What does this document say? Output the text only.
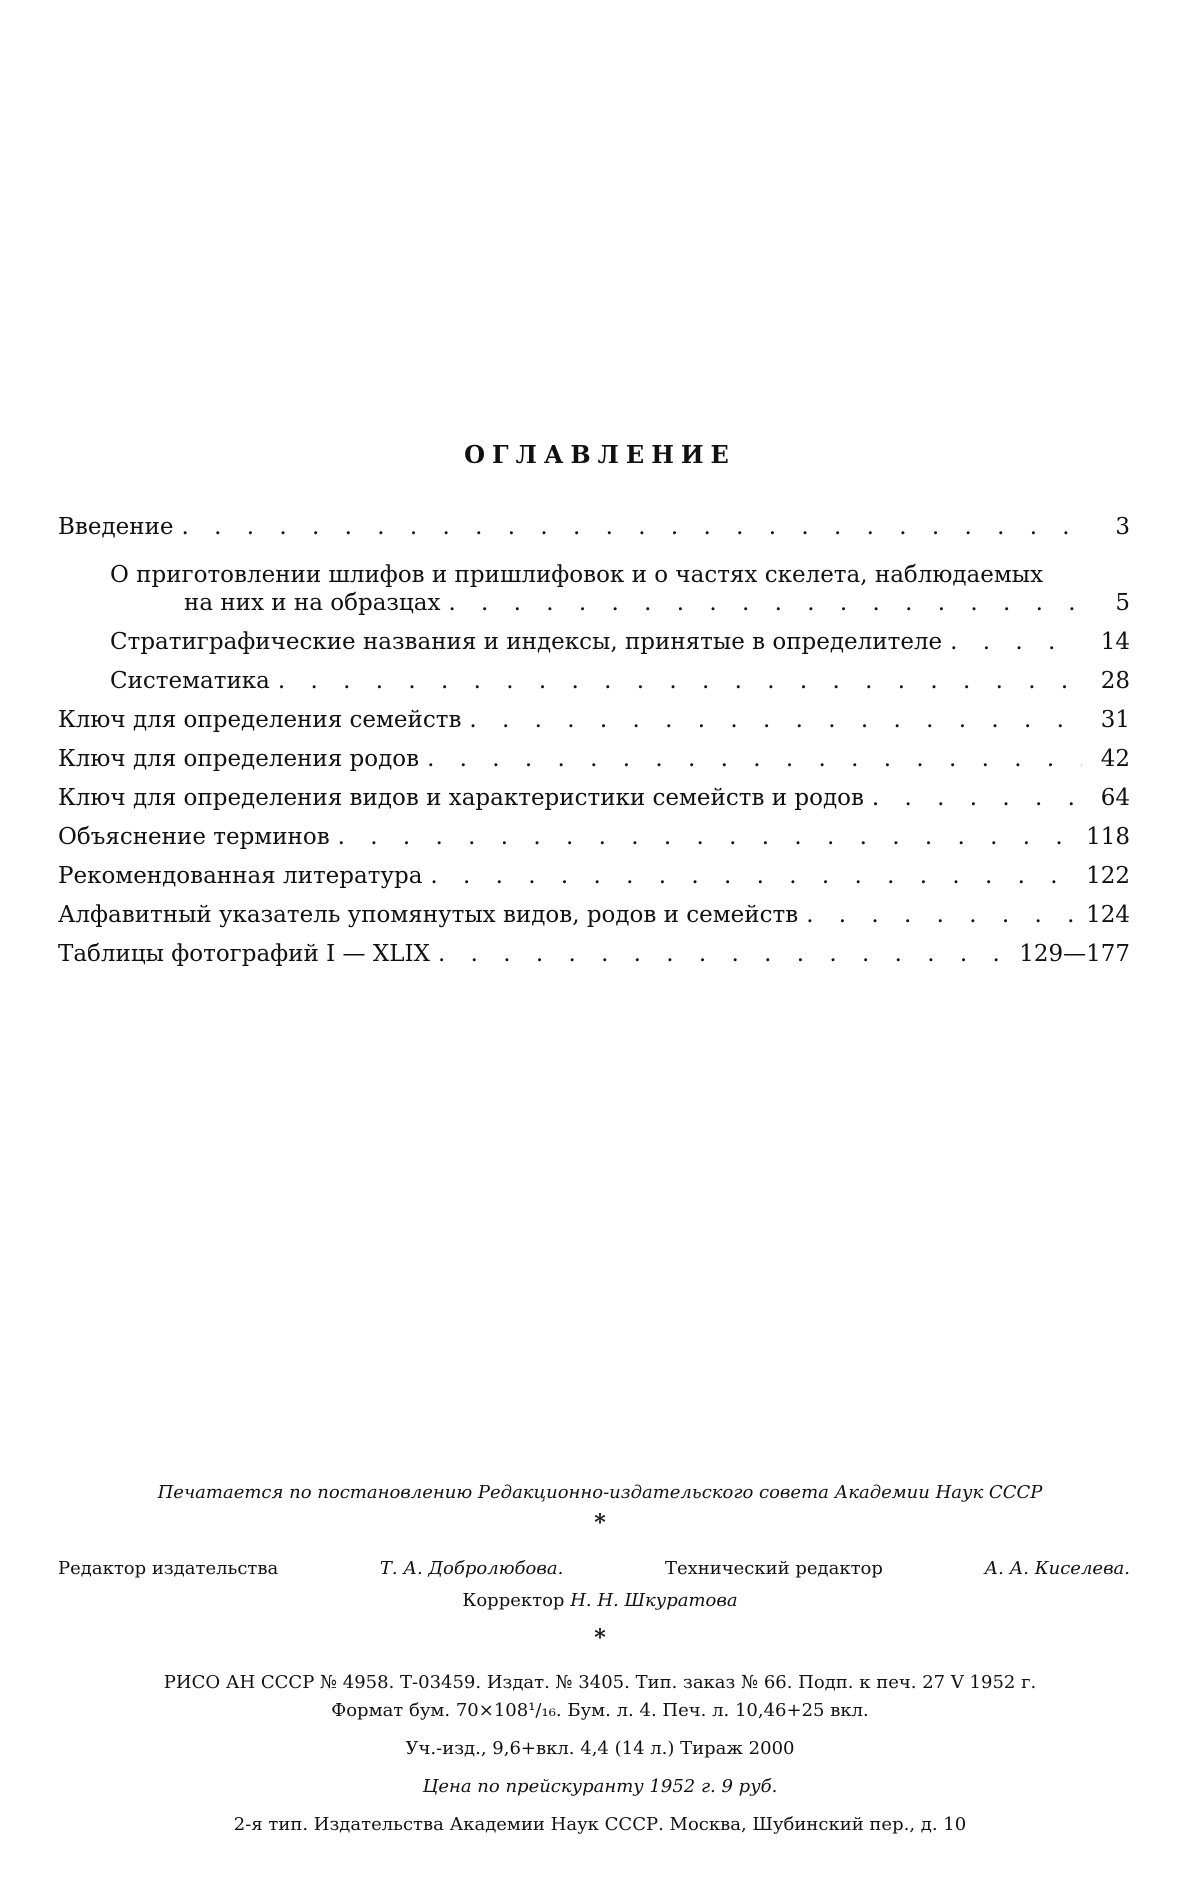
ОГЛАВЛЕНИЕ
Введение . . .	3
О приготовлении шлифов и пришлифовок и о частях скелета, наблюдаемых
на них и на образцах . . .	5
Стратиграфические названия и индексы, принятые в определителе . . .	14
Систематика . . .	28
Ключ для определения семейств . . .	31
Ключ для определения родов . . .	42
Ключ для определения видов и характеристики семейств и родов . . .	64
Объяснение терминов . . .	118
Рекомендованная литература . . .	122
Алфавитный указатель упомянутых видов, родов и семейств . . .	124
Таблицы фотографий I — XLIX . . .	129—177
Печатается по постановлению Редакционно-издательского совета Академии Наук СССР
*
Редактор издательства	Т. А. Добролюбова.	Технический редактор	А. А. Киселева.
Корректор Н. Н. Шкуратова
*
РИСО АН СССР № 4958. Т-03459. Издат. № 3405. Тип. заказ № 66. Подп. к печ. 27 V 1952 г.
Формат бум. 70×108¹/₁₆. Бум. л. 4. Печ. л. 10,46+25 вкл.
Уч.-изд., 9,6+вкл. 4,4 (14 л.) Тираж 2000
Цена по прейскуранту 1952 г. 9 руб.
2-я тип. Издательства Академии Наук СССР. Москва, Шубинский пер., д. 10
